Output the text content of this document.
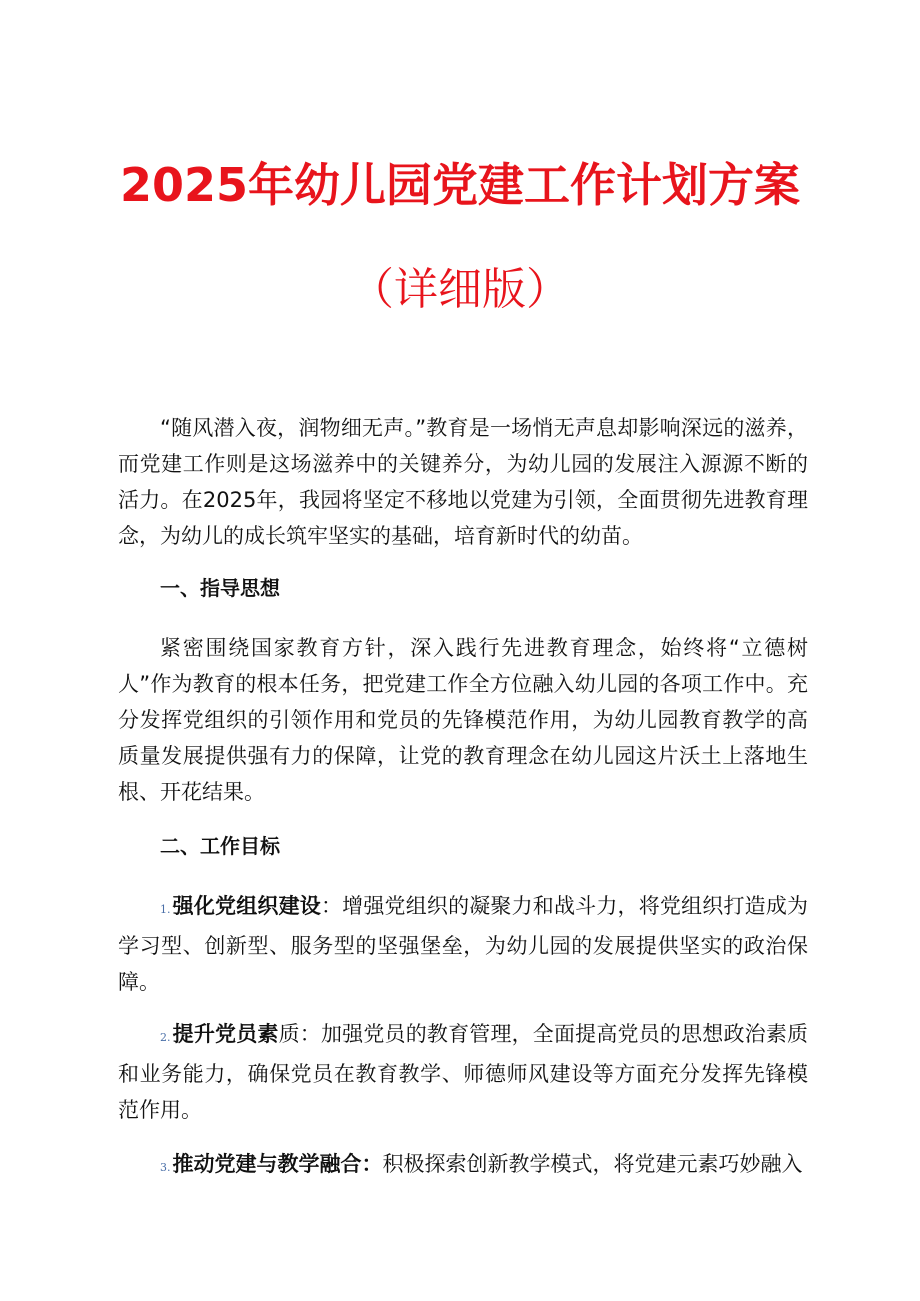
2025年幼儿园党建工作计划方案
（详细版）

“随风潜入夜，润物细无声。”教育是一场悄无声息却影响深远的滋养，而党建工作则是这场滋养中的关键养分，为幼儿园的发展注入源源不断的活力。在2025年，我园将坚定不移地以党建为引领，全面贯彻先进教育理念，为幼儿的成长筑牢坚实的基础，培育新时代的幼苗。

一、指导思想

紧密围绕国家教育方针，深入践行先进教育理念，始终将“立德树人”作为教育的根本任务，把党建工作全方位融入幼儿园的各项工作中。充分发挥党组织的引领作用和党员的先锋模范作用，为幼儿园教育教学的高质量发展提供强有力的保障，让党的教育理念在幼儿园这片沃土上落地生根、开花结果。

二、工作目标

1.强化党组织建设：增强党组织的凝聚力和战斗力，将党组织打造成为学习型、创新型、服务型的坚强堡垒，为幼儿园的发展提供坚实的政治保障。

2.提升党员素质：加强党员的教育管理，全面提高党员的思想政治素质和业务能力，确保党员在教育教学、师德师风建设等方面充分发挥先锋模范作用。

3.推动党建与教学融合：积极探索创新教学模式，将党建元素巧妙融入
